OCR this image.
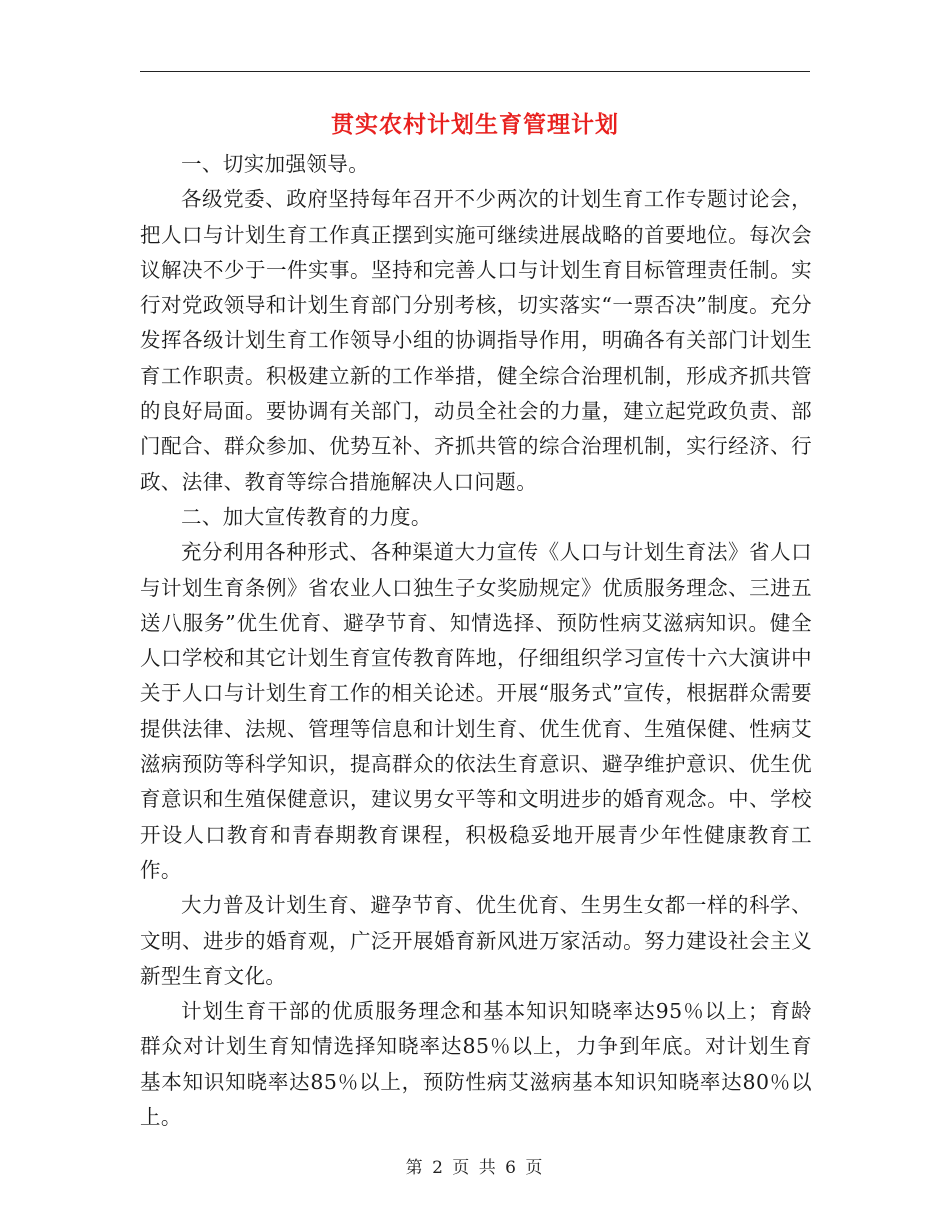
贯实农村计划生育管理计划

一、切实加强领导。

各级党委、政府坚持每年召开不少两次的计划生育工作专题讨论会，把人口与计划生育工作真正摆到实施可继续进展战略的首要地位。每次会议解决不少于一件实事。坚持和完善人口与计划生育目标管理责任制。实行对党政领导和计划生育部门分别考核，切实落实“一票否决”制度。充分发挥各级计划生育工作领导小组的协调指导作用，明确各有关部门计划生育工作职责。积极建立新的工作举措，健全综合治理机制，形成齐抓共管的良好局面。要协调有关部门，动员全社会的力量，建立起党政负责、部门配合、群众参加、优势互补、齐抓共管的综合治理机制，实行经济、行政、法律、教育等综合措施解决人口问题。

二、加大宣传教育的力度。

充分利用各种形式、各种渠道大力宣传《人口与计划生育法》省人口与计划生育条例》省农业人口独生子女奖励规定》优质服务理念、三进五送八服务”优生优育、避孕节育、知情选择、预防性病艾滋病知识。健全人口学校和其它计划生育宣传教育阵地，仔细组织学习宣传十六大演讲中关于人口与计划生育工作的相关论述。开展“服务式”宣传，根据群众需要提供法律、法规、管理等信息和计划生育、优生优育、生殖保健、性病艾滋病预防等科学知识，提高群众的依法生育意识、避孕维护意识、优生优育意识和生殖保健意识，建议男女平等和文明进步的婚育观念。中、学校开设人口教育和青春期教育课程，积极稳妥地开展青少年性健康教育工作。

大力普及计划生育、避孕节育、优生优育、生男生女都一样的科学、文明、进步的婚育观，广泛开展婚育新风进万家活动。努力建设社会主义新型生育文化。

计划生育干部的优质服务理念和基本知识知晓率达95％以上；育龄群众对计划生育知情选择知晓率达85％以上，力争到年底。对计划生育基本知识知晓率达85％以上，预防性病艾滋病基本知识知晓率达80％以上。

第 2 页 共 6 页
